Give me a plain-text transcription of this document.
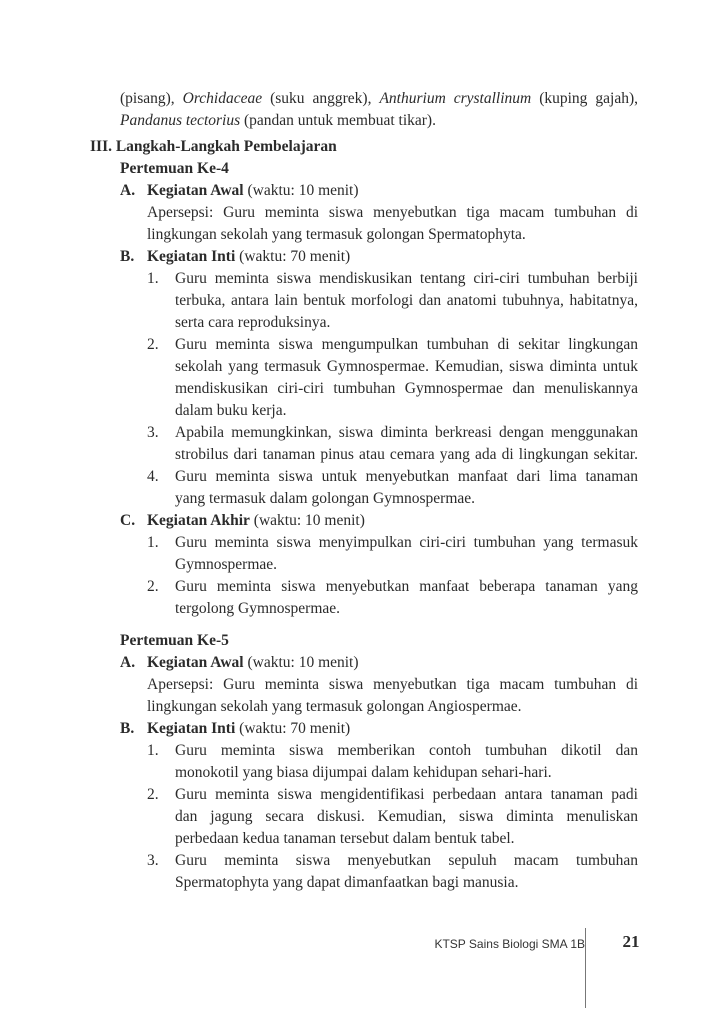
(pisang), Orchidaceae (suku anggrek), Anthurium crystallinum (kuping gajah),
Pandanus tectorius (pandan untuk membuat tikar).
III. Langkah-Langkah Pembelajaran
Pertemuan Ke-4
A. Kegiatan Awal (waktu: 10 menit)
Apersepsi: Guru meminta siswa menyebutkan tiga macam tumbuhan di
lingkungan sekolah yang termasuk golongan Spermatophyta.
B. Kegiatan Inti (waktu: 70 menit)
1. Guru meminta siswa mendiskusikan tentang ciri-ciri tumbuhan berbiji
terbuka, antara lain bentuk morfologi dan anatomi tubuhnya, habitatnya,
serta cara reproduksinya.
2. Guru meminta siswa mengumpulkan tumbuhan di sekitar lingkungan
sekolah yang termasuk Gymnospermae. Kemudian, siswa diminta untuk
mendiskusikan ciri-ciri tumbuhan Gymnospermae dan menuliskannya
dalam buku kerja.
3. Apabila memungkinkan, siswa diminta berkreasi dengan menggunakan
strobilus dari tanaman pinus atau cemara yang ada di lingkungan sekitar.
4. Guru meminta siswa untuk menyebutkan manfaat dari lima tanaman
yang termasuk dalam golongan Gymnospermae.
C. Kegiatan Akhir (waktu: 10 menit)
1. Guru meminta siswa menyimpulkan ciri-ciri tumbuhan yang termasuk
Gymnospermae.
2. Guru meminta siswa menyebutkan manfaat beberapa tanaman yang
tergolong Gymnospermae.
Pertemuan Ke-5
A. Kegiatan Awal (waktu: 10 menit)
Apersepsi: Guru meminta siswa menyebutkan tiga macam tumbuhan di
lingkungan sekolah yang termasuk golongan Angiospermae.
B. Kegiatan Inti (waktu: 70 menit)
1. Guru meminta siswa memberikan contoh tumbuhan dikotil dan
monokotil yang biasa dijumpai dalam kehidupan sehari-hari.
2. Guru meminta siswa mengidentifikasi perbedaan antara tanaman padi
dan jagung secara diskusi. Kemudian, siswa diminta menuliskan
perbedaan kedua tanaman tersebut dalam bentuk tabel.
3. Guru meminta siswa menyebutkan sepuluh macam tumbuhan
Spermatophyta yang dapat dimanfaatkan bagi manusia.
KTSP Sains Biologi SMA 1B 21
